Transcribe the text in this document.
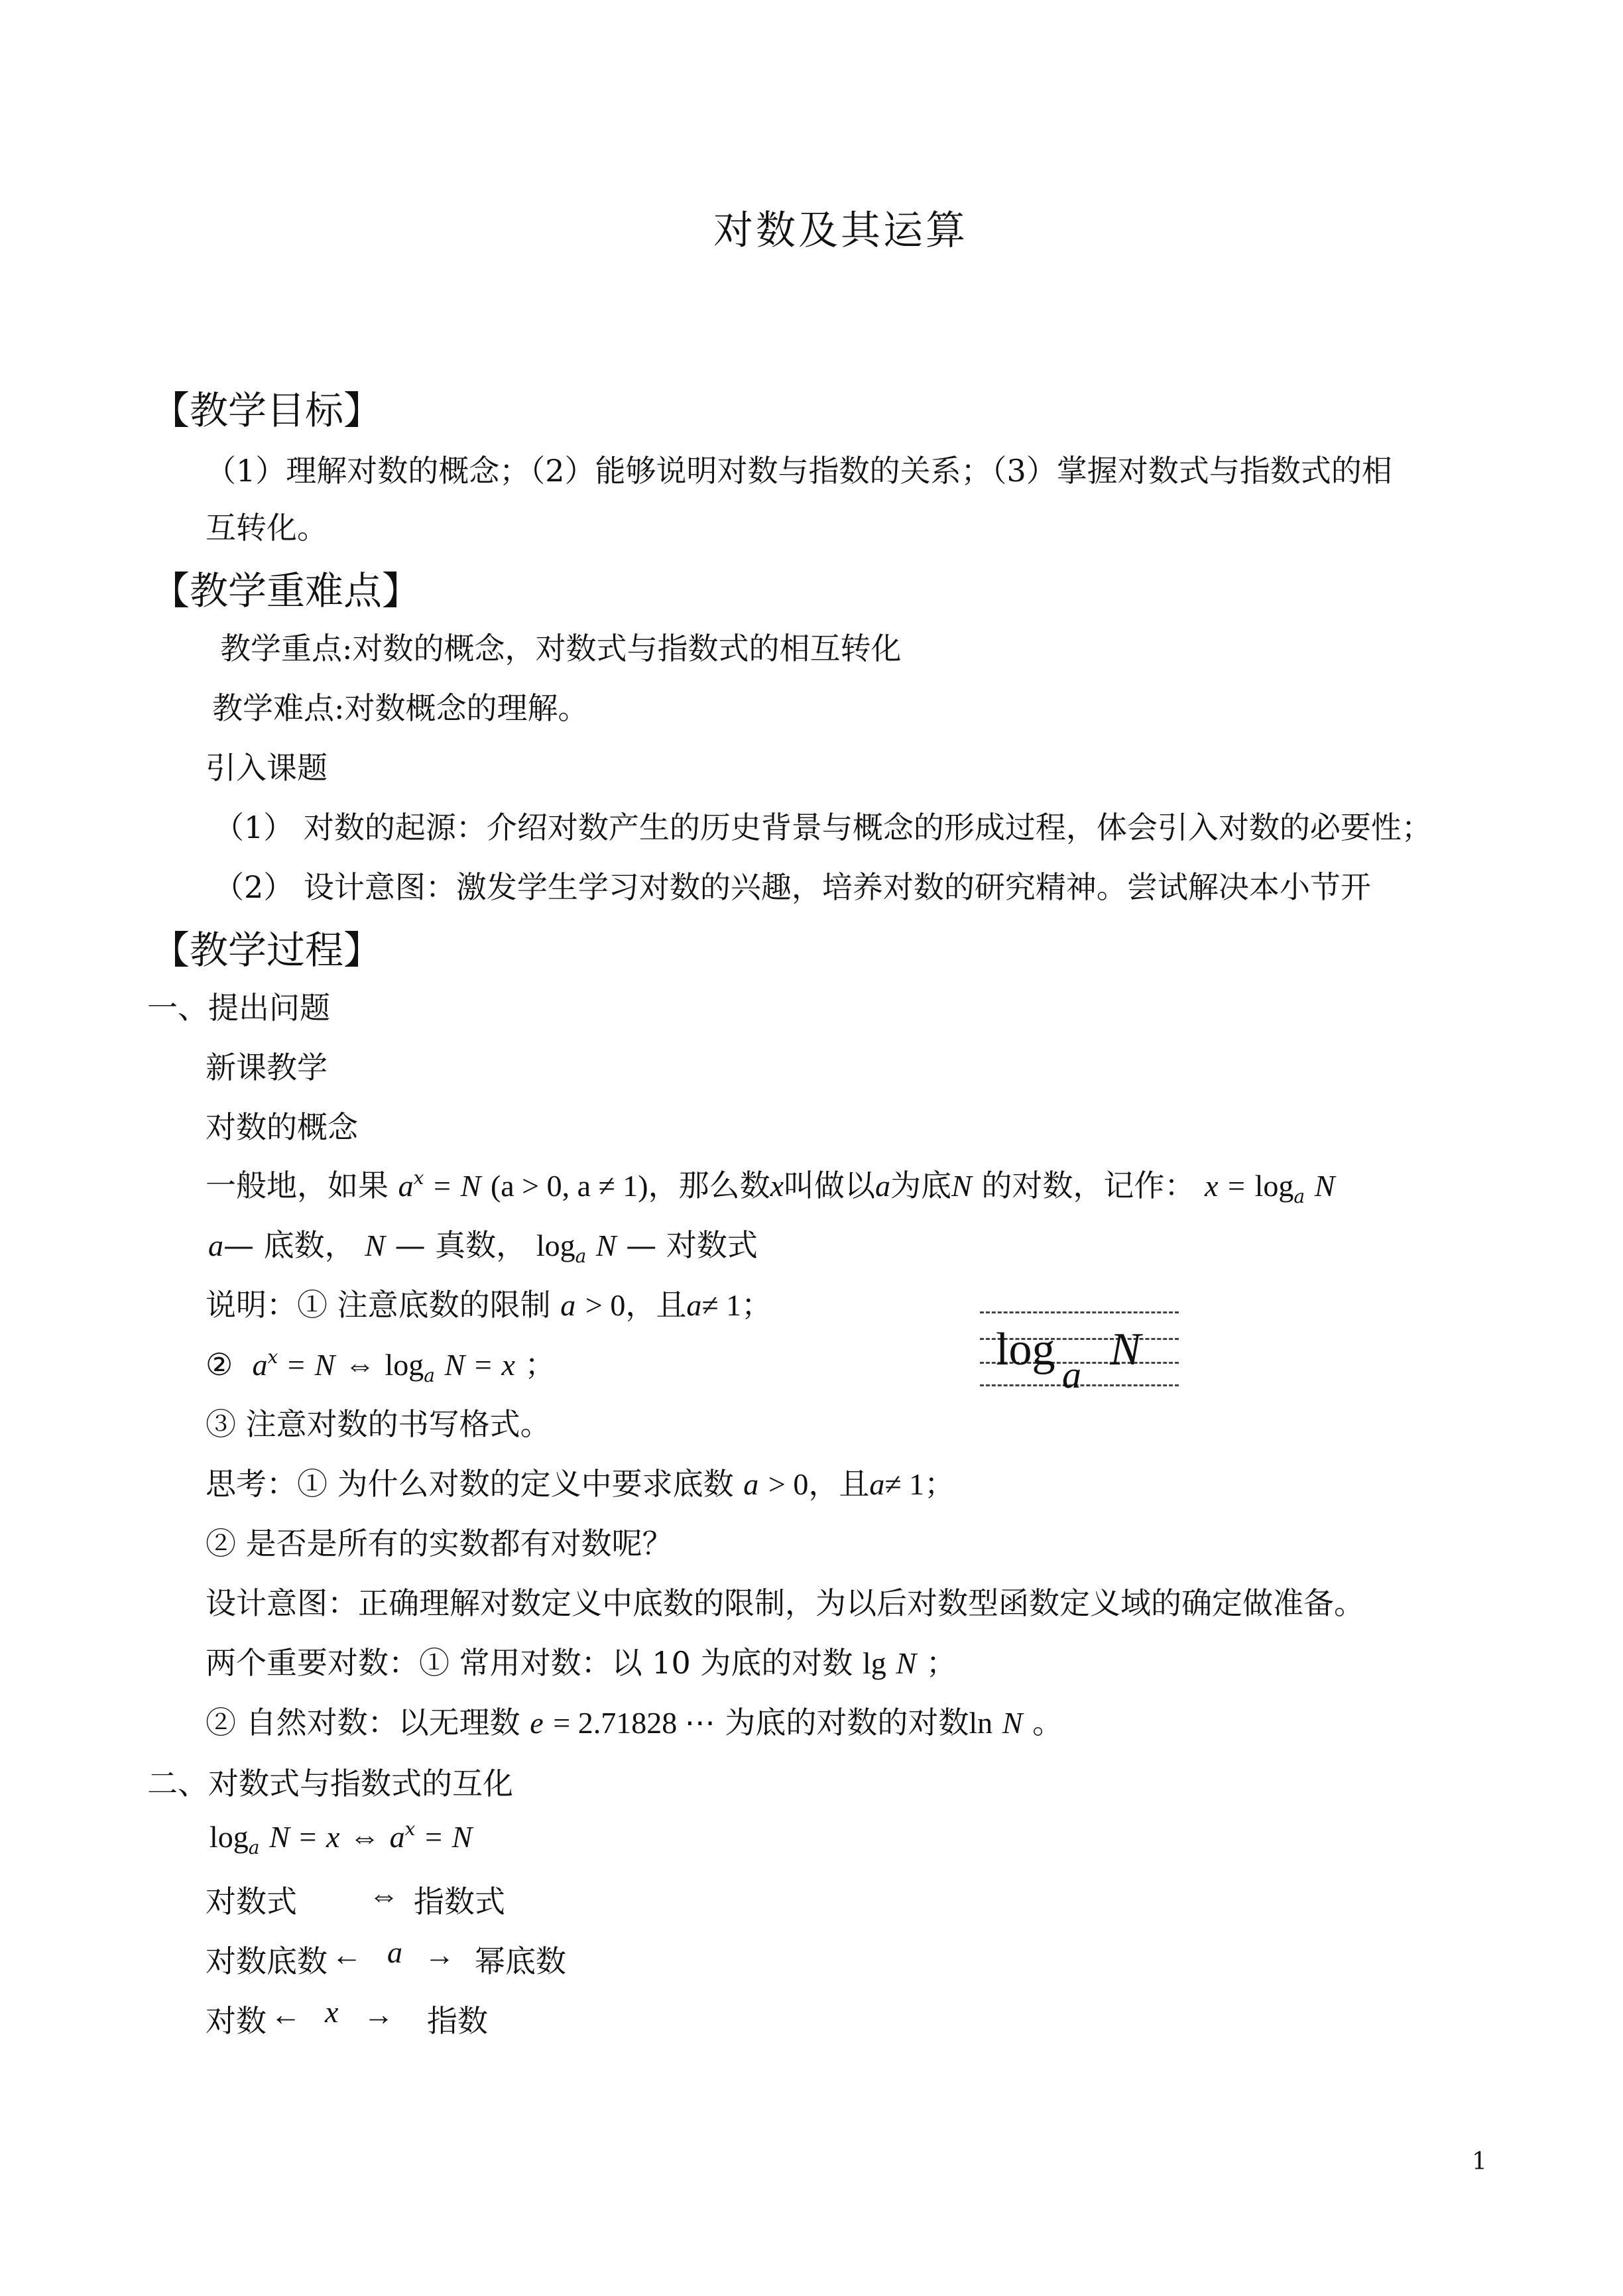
对数及其运算
【教学目标】
（1）理解对数的概念；（2）能够说明对数与指数的关系；（3）掌握对数式与指数式的相
互转化。
【教学重难点】
教学重点:对数的概念，对数式与指数式的相互转化
教学难点:对数概念的理解。
引入课题
（1） 对数的起源：介绍对数产生的历史背景与概念的形成过程，体会引入对数的必要性；
（2） 设计意图：激发学生学习对数的兴趣，培养对数的研究精神。尝试解决本小节开
【教学过程】
一、提出问题
新课教学
对数的概念
一般地，如果 $a^x = N$ (a > 0, a ≠ 1)，那么数x叫做以a为底N 的对数，记作： $x = \log_a N$
a— 底数， N — 真数， $\log_a N$ — 对数式
说明：① 注意底数的限制 a > 0，且a≠ 1；
② $a^x = N$ ⇔ $\log_a N = x$ ；	log N
a
③ 注意对数的书写格式。
思考：① 为什么对数的定义中要求底数 a > 0，且a≠ 1；
② 是否是所有的实数都有对数呢？
设计意图：正确理解对数定义中底数的限制，为以后对数型函数定义域的确定做准备。
两个重要对数：① 常用对数：以 10 为底的对数 lg N ；
② 自然对数：以无理数 e = 2.71828 ⋯ 为底的对数的对数ln N 。
二、对数式与指数式的互化
$\log_a N = x$ ⇔ $a^x = N$
对数式 ⇔ 指数式
对数底数 ← a → 幂底数
对数 ← x → 指数
1
